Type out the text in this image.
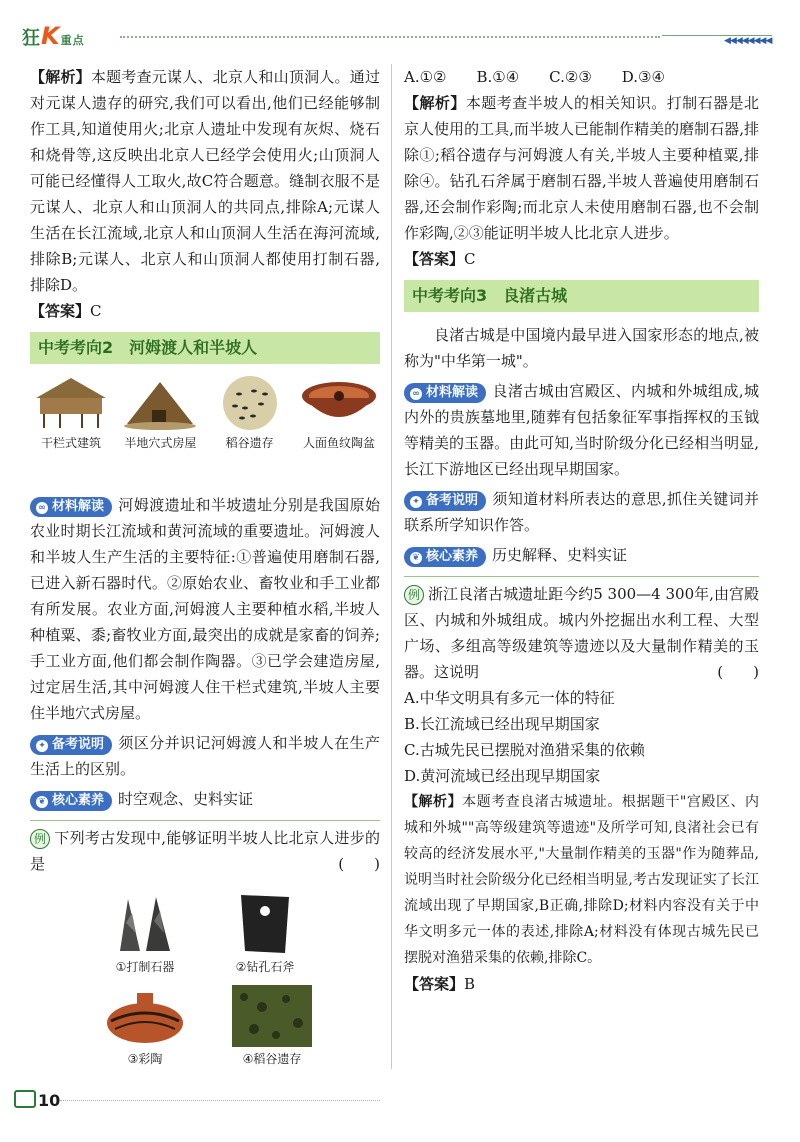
狂K重点	◀◀◀◀◀◀◀◀

【解析】本题考查元谋人、北京人和山顶洞人。通过对元谋人遗存的研究,我们可以看出,他们已经能够制作工具,知道使用火;北京人遗址中发现有灰烬、烧石和烧骨等,这反映出北京人已经学会使用火;山顶洞人可能已经懂得人工取火,故C符合题意。缝制衣服不是元谋人、北京人和山顶洞人的共同点,排除A;元谋人生活在长江流域,北京人和山顶洞人生活在海河流域,排除B;元谋人、北京人和山顶洞人都使用打制石器,排除D。

【答案】C

中考考向2　河姆渡人和半坡人
干栏式建筑	半地穴式房屋	稻谷遗存	人面鱼纹陶盆

∞ 材料解读 河姆渡遗址和半坡遗址分别是我国原始农业时期长江流域和黄河流域的重要遗址。河姆渡人和半坡人生产生活的主要特征:①普遍使用磨制石器,已进入新石器时代。②原始农业、畜牧业和手工业都有所发展。农业方面,河姆渡人主要种植水稻,半坡人种植粟、黍;畜牧业方面,最突出的成就是家畜的饲养;手工业方面,他们都会制作陶器。③已学会建造房屋,过定居生活,其中河姆渡人住干栏式建筑,半坡人主要住半地穴式房屋。

✦ 备考说明 须区分并识记河姆渡人和半坡人在生产生活上的区别。

❦ 核心素养 时空观念、史料实证

例 下列考古发现中,能够证明半坡人比北京人进步的是	(　　)

①打制石器	②钻孔石斧
③彩陶	④稻谷遗存

A.①②　　B.①④　　C.②③　　D.③④

【解析】本题考查半坡人的相关知识。打制石器是北京人使用的工具,而半坡人已能制作精美的磨制石器,排除①;稻谷遗存与河姆渡人有关,半坡人主要种植粟,排除④。钻孔石斧属于磨制石器,半坡人普遍使用磨制石器,还会制作彩陶;而北京人未使用磨制石器,也不会制作彩陶,②③能证明半坡人比北京人进步。

【答案】C

中考考向3　良渚古城

良渚古城是中国境内最早进入国家形态的地点,被称为"中华第一城"。

∞ 材料解读 良渚古城由宫殿区、内城和外城组成,城内外的贵族墓地里,随葬有包括象征军事指挥权的玉钺等精美的玉器。由此可知,当时阶级分化已经相当明显,长江下游地区已经出现早期国家。

✦ 备考说明 须知道材料所表达的意思,抓住关键词并联系所学知识作答。

❦ 核心素养 历史解释、史料实证

例 浙江良渚古城遗址距今约5 300—4 300年,由宫殿区、内城和外城组成。城内外挖掘出水利工程、大型广场、多组高等级建筑等遗迹以及大量制作精美的玉器。这说明	(　　)

A.中华文明具有多元一体的特征

B.长江流域已经出现早期国家

C.古城先民已摆脱对渔猎采集的依赖

D.黄河流域已经出现早期国家

【解析】本题考查良渚古城遗址。根据题干"宫殿区、内城和外城""高等级建筑等遗迹"及所学可知,良渚社会已有较高的经济发展水平,"大量制作精美的玉器"作为随葬品,说明当时社会阶级分化已经相当明显,考古发现证实了长江流域出现了早期国家,B正确,排除D;材料内容没有关于中华文明多元一体的表述,排除A;材料没有体现古城先民已摆脱对渔猎采集的依赖,排除C。

【答案】B

10
